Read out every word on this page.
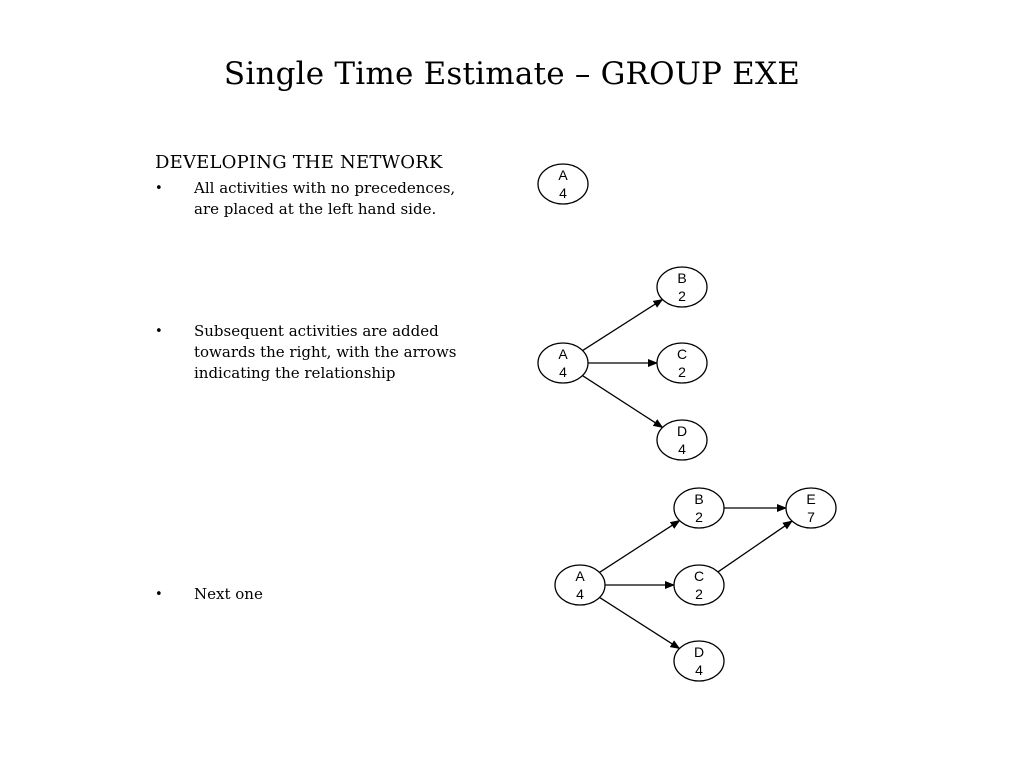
Single Time Estimate – GROUP EXE
DEVELOPING THE NETWORK
• All activities with no precedences, are placed at the left hand side.
• Subsequent activities are added towards the right, with the arrows indicating the relationship
• Next one
A
4
A
4
B
2
C
2
D
4
A
4
B
2
C
2
D
4
E
7
